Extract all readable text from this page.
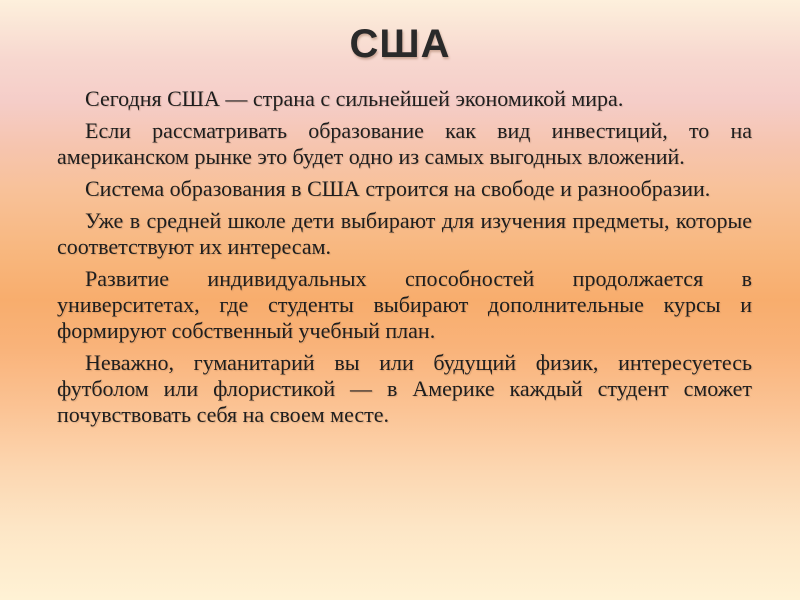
США

Сегодня США — страна с сильнейшей экономикой мира.

Если рассматривать образование как вид инвестиций, то на американском рынке это будет одно из самых выгодных вложений.

Система образования в США строится на свободе и разнообразии.

Уже в средней школе дети выбирают для изучения предметы, которые соответствуют их интересам.

Развитие индивидуальных способностей продолжается в университетах, где студенты выбирают дополнительные курсы и формируют собственный учебный план.

Неважно, гуманитарий вы или будущий физик, интересуетесь футболом или флористикой — в Америке каждый студент сможет почувствовать себя на своем месте.
